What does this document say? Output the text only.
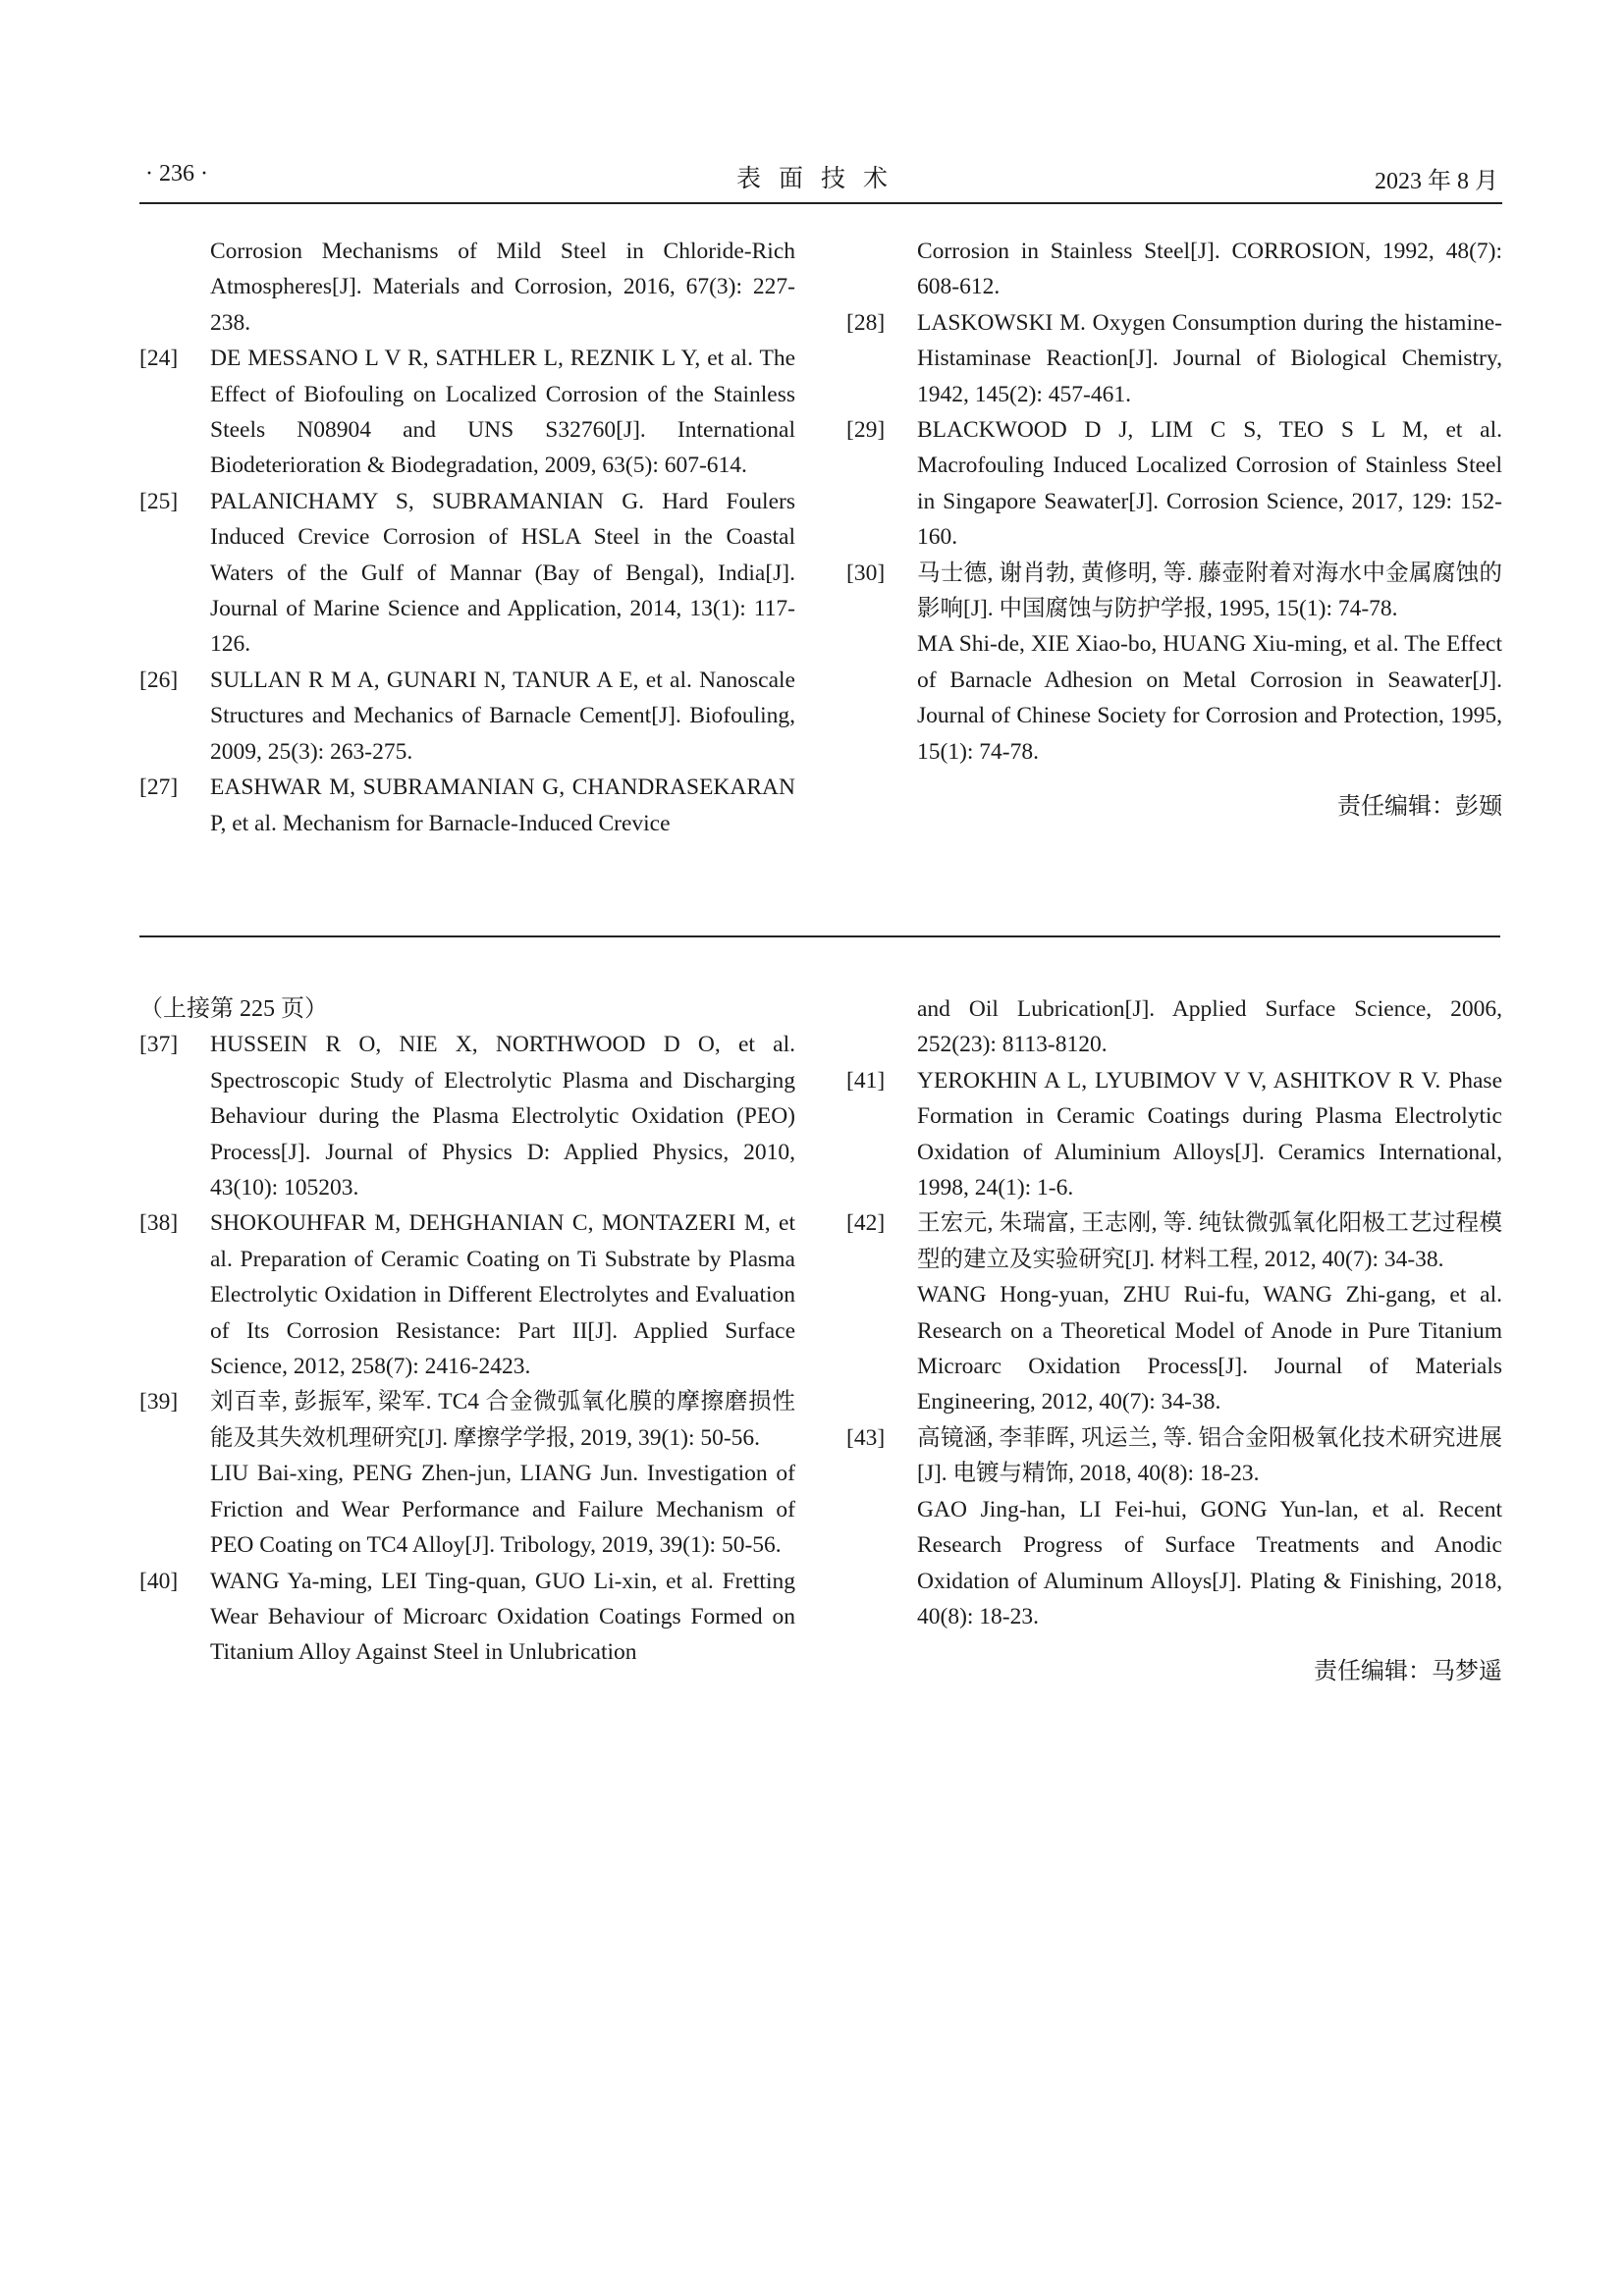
· 236 ·	表面技术	2023 年 8 月
Corrosion Mechanisms of Mild Steel in Chloride-Rich Atmospheres[J]. Materials and Corrosion, 2016, 67(3): 227-238.
[24]	DE MESSANO L V R, SATHLER L, REZNIK L Y, et al. The Effect of Biofouling on Localized Corrosion of the Stainless Steels N08904 and UNS S32760[J]. International Biodeterioration & Biodegradation, 2009, 63(5): 607-614.
[25]	PALANICHAMY S, SUBRAMANIAN G. Hard Foulers Induced Crevice Corrosion of HSLA Steel in the Coastal Waters of the Gulf of Mannar (Bay of Bengal), India[J]. Journal of Marine Science and Application, 2014, 13(1): 117-126.
[26]	SULLAN R M A, GUNARI N, TANUR A E, et al. Nanoscale Structures and Mechanics of Barnacle Cement[J]. Biofouling, 2009, 25(3): 263-275.
[27]	EASHWAR M, SUBRAMANIAN G, CHANDRASEKARAN P, et al. Mechanism for Barnacle-Induced Crevice
Corrosion in Stainless Steel[J]. CORROSION, 1992, 48(7): 608-612.
[28]	LASKOWSKI M. Oxygen Consumption during the histamine-Histaminase Reaction[J]. Journal of Biological Chemistry, 1942, 145(2): 457-461.
[29]	BLACKWOOD D J, LIM C S, TEO S L M, et al. Macrofouling Induced Localized Corrosion of Stainless Steel in Singapore Seawater[J]. Corrosion Science, 2017, 129: 152-160.
[30]	马士德, 谢肖勃, 黄修明, 等. 藤壶附着对海水中金属腐蚀的影响[J]. 中国腐蚀与防护学报, 1995, 15(1): 74-78.

MA Shi-de, XIE Xiao-bo, HUANG Xiu-ming, et al. The Effect of Barnacle Adhesion on Metal Corrosion in Seawater[J]. Journal of Chinese Society for Corrosion and Protection, 1995, 15(1): 74-78.

责任编辑：彭颋
（上接第 225 页）
[37]	HUSSEIN R O, NIE X, NORTHWOOD D O, et al. Spectroscopic Study of Electrolytic Plasma and Discharging Behaviour during the Plasma Electrolytic Oxidation (PEO) Process[J]. Journal of Physics D: Applied Physics, 2010, 43(10): 105203.
[38]	SHOKOUHFAR M, DEHGHANIAN C, MONTAZERI M, et al. Preparation of Ceramic Coating on Ti Substrate by Plasma Electrolytic Oxidation in Different Electrolytes and Evaluation of Its Corrosion Resistance: Part II[J]. Applied Surface Science, 2012, 258(7): 2416-2423.
[39]	刘百幸, 彭振军, 梁军. TC4 合金微弧氧化膜的摩擦磨损性能及其失效机理研究[J]. 摩擦学学报, 2019, 39(1): 50-56.

LIU Bai-xing, PENG Zhen-jun, LIANG Jun. Investigation of Friction and Wear Performance and Failure Mechanism of PEO Coating on TC4 Alloy[J]. Tribology, 2019, 39(1): 50-56.

[40]	WANG Ya-ming, LEI Ting-quan, GUO Li-xin, et al. Fretting Wear Behaviour of Microarc Oxidation Coatings Formed on Titanium Alloy Against Steel in Unlubrication
and Oil Lubrication[J]. Applied Surface Science, 2006, 252(23): 8113-8120.
[41]	YEROKHIN A L, LYUBIMOV V V, ASHITKOV R V. Phase Formation in Ceramic Coatings during Plasma Electrolytic Oxidation of Aluminium Alloys[J]. Ceramics International, 1998, 24(1): 1-6.
[42]	王宏元, 朱瑞富, 王志刚, 等. 纯钛微弧氧化阳极工艺过程模型的建立及实验研究[J]. 材料工程, 2012, 40(7): 34-38.

WANG Hong-yuan, ZHU Rui-fu, WANG Zhi-gang, et al. Research on a Theoretical Model of Anode in Pure Titanium Microarc Oxidation Process[J]. Journal of Materials Engineering, 2012, 40(7): 34-38.

[43]	高镜涵, 李菲晖, 巩运兰, 等. 铝合金阳极氧化技术研究进展[J]. 电镀与精饰, 2018, 40(8): 18-23.

GAO Jing-han, LI Fei-hui, GONG Yun-lan, et al. Recent Research Progress of Surface Treatments and Anodic Oxidation of Aluminum Alloys[J]. Plating & Finishing, 2018, 40(8): 18-23.

责任编辑：马梦遥
